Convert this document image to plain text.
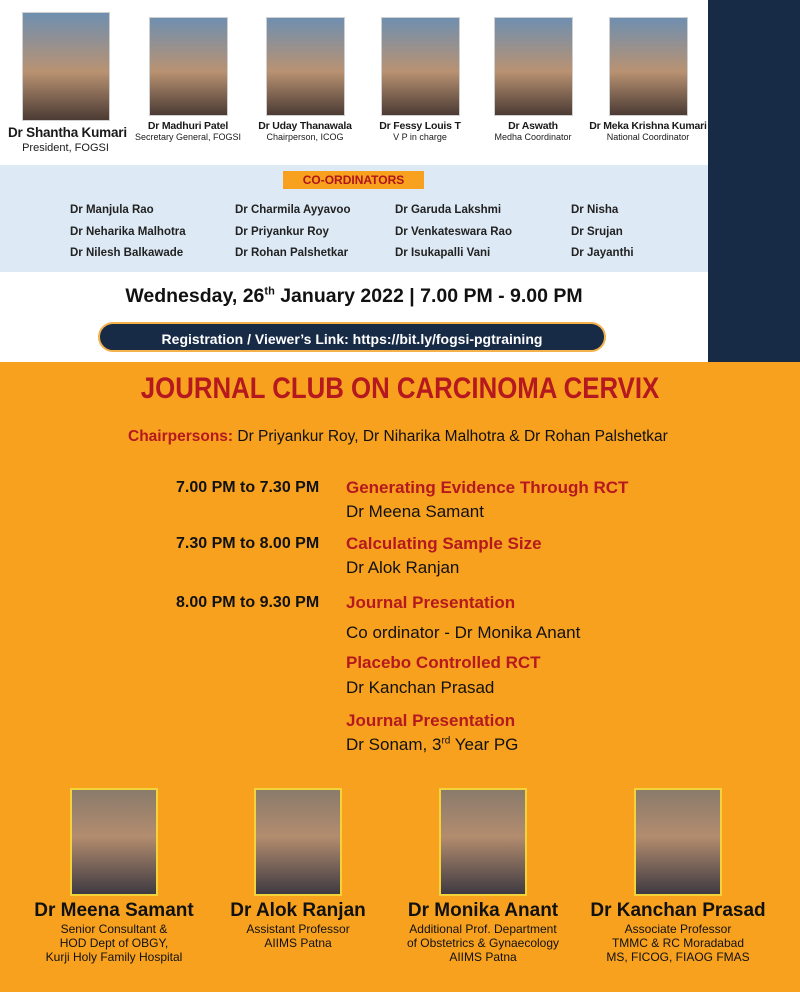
Dr Shantha Kumari
President, FOGSI
Dr Madhuri Patel
Secretary General, FOGSI
Dr Uday Thanawala
Chairperson, ICOG
Dr Fessy Louis T
V P in charge
Dr Aswath
Medha Coordinator
Dr Meka Krishna Kumari
National Coordinator
CO-ORDINATORS
Dr Manjula Rao	Dr Charmila Ayyavoo	Dr Garuda Lakshmi	Dr Nisha
Dr Neharika Malhotra	Dr Priyankur Roy	Dr Venkateswara Rao	Dr Srujan
Dr Nilesh Balkawade	Dr Rohan Palshetkar	Dr Isukapalli Vani	Dr Jayanthi
Wednesday, 26th January 2022 | 7.00 PM - 9.00 PM
Registration / Viewer’s Link: https://bit.ly/fogsi-pgtraining
JOURNAL CLUB ON CARCINOMA CERVIX
Chairpersons: Dr Priyankur Roy, Dr Niharika Malhotra & Dr Rohan Palshetkar
7.00 PM to 7.30 PM Generating Evidence Through RCT
Dr Meena Samant
7.30 PM to 8.00 PM Calculating Sample Size
Dr Alok Ranjan
8.00 PM to 9.30 PM Journal Presentation
Co ordinator - Dr Monika Anant
Placebo Controlled RCT
Dr Kanchan Prasad
Journal Presentation
Dr Sonam, 3rd Year PG
Dr Meena Samant
Senior Consultant &
HOD Dept of OBGY,
Kurji Holy Family Hospital
Dr Alok Ranjan
Assistant Professor
AIIMS Patna
Dr Monika Anant
Additional Prof. Department
of Obstetrics & Gynaecology
AIIMS Patna
Dr Kanchan Prasad
Associate Professor
TMMC & RC Moradabad
MS, FICOG, FIAOG FMAS
